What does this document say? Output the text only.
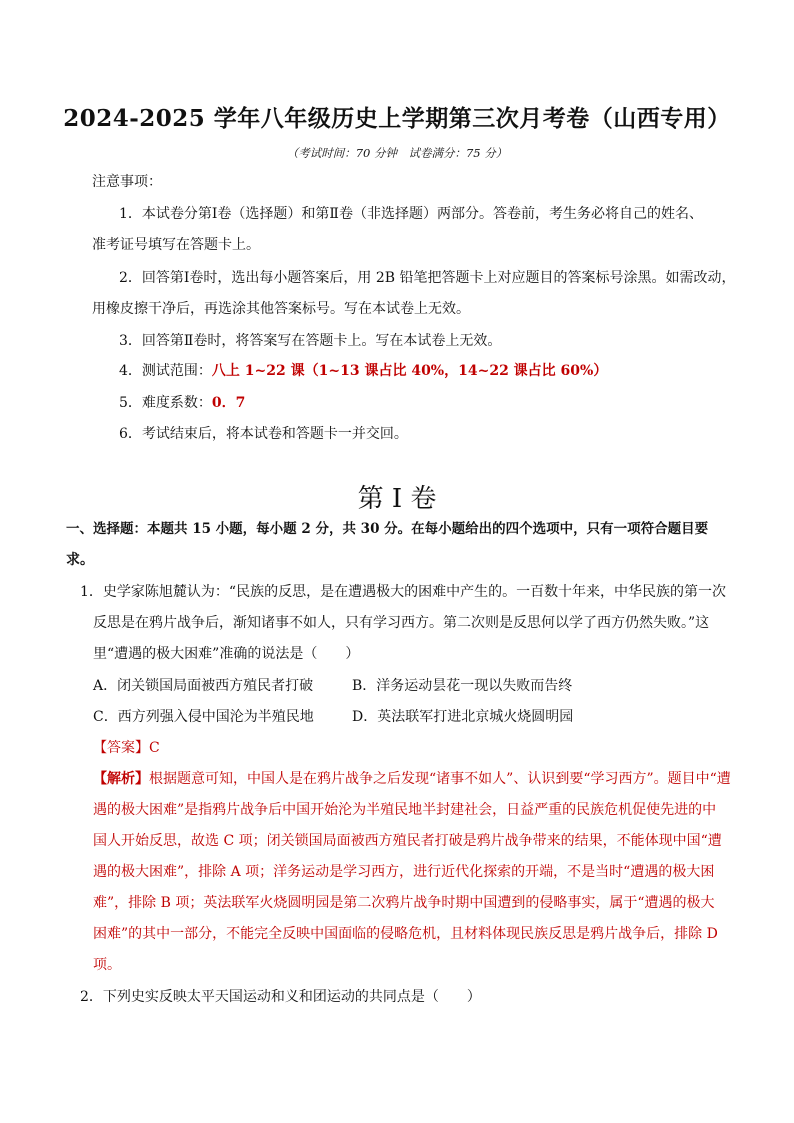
2024-2025 学年八年级历史上学期第三次月考卷（山西专用）
（考试时间：70 分钟　试卷满分：75 分）
注意事项：
1．本试卷分第Ⅰ卷（选择题）和第Ⅱ卷（非选择题）两部分。答卷前，考生务必将自己的姓名、
准考证号填写在答题卡上。
2．回答第Ⅰ卷时，选出每小题答案后，用 2B 铅笔把答题卡上对应题目的答案标号涂黑。如需改动，
用橡皮擦干净后，再选涂其他答案标号。写在本试卷上无效。
3．回答第Ⅱ卷时，将答案写在答题卡上。写在本试卷上无效。
4．测试范围：八上 1~22 课（1~13 课占比 40%，14~22 课占比 60%）
5．难度系数：0．7
6．考试结束后，将本试卷和答题卡一并交回。
第 I 卷
一、选择题：本题共 15 小题，每小题 2 分，共 30 分。在每小题给出的四个选项中，只有一项符合题目要
求。
1．史学家陈旭麓认为：“民族的反思，是在遭遇极大的困难中产生的。一百数十年来，中华民族的第一次
反思是在鸦片战争后，渐知诸事不如人，只有学习西方。第二次则是反思何以学了西方仍然失败。”这
里“遭遇的极大困难”准确的说法是（　　）
A．闭关锁国局面被西方殖民者打破	B．洋务运动昙花一现以失败而告终
C．西方列强入侵中国沦为半殖民地	D．英法联军打进北京城火烧圆明园
【答案】C
【解析】根据题意可知，中国人是在鸦片战争之后发现“诸事不如人”、认识到要“学习西方”。题目中“遭
遇的极大困难”是指鸦片战争后中国开始沦为半殖民地半封建社会，日益严重的民族危机促使先进的中
国人开始反思，故选 C 项；闭关锁国局面被西方殖民者打破是鸦片战争带来的结果，不能体现中国“遭
遇的极大困难”，排除 A 项；洋务运动是学习西方，进行近代化探索的开端，不是当时“遭遇的极大困
难”，排除 B 项；英法联军火烧圆明园是第二次鸦片战争时期中国遭到的侵略事实，属于“遭遇的极大
困难”的其中一部分，不能完全反映中国面临的侵略危机，且材料体现民族反思是鸦片战争后，排除 D
项。
2．下列史实反映太平天国运动和义和团运动的共同点是（　　）
